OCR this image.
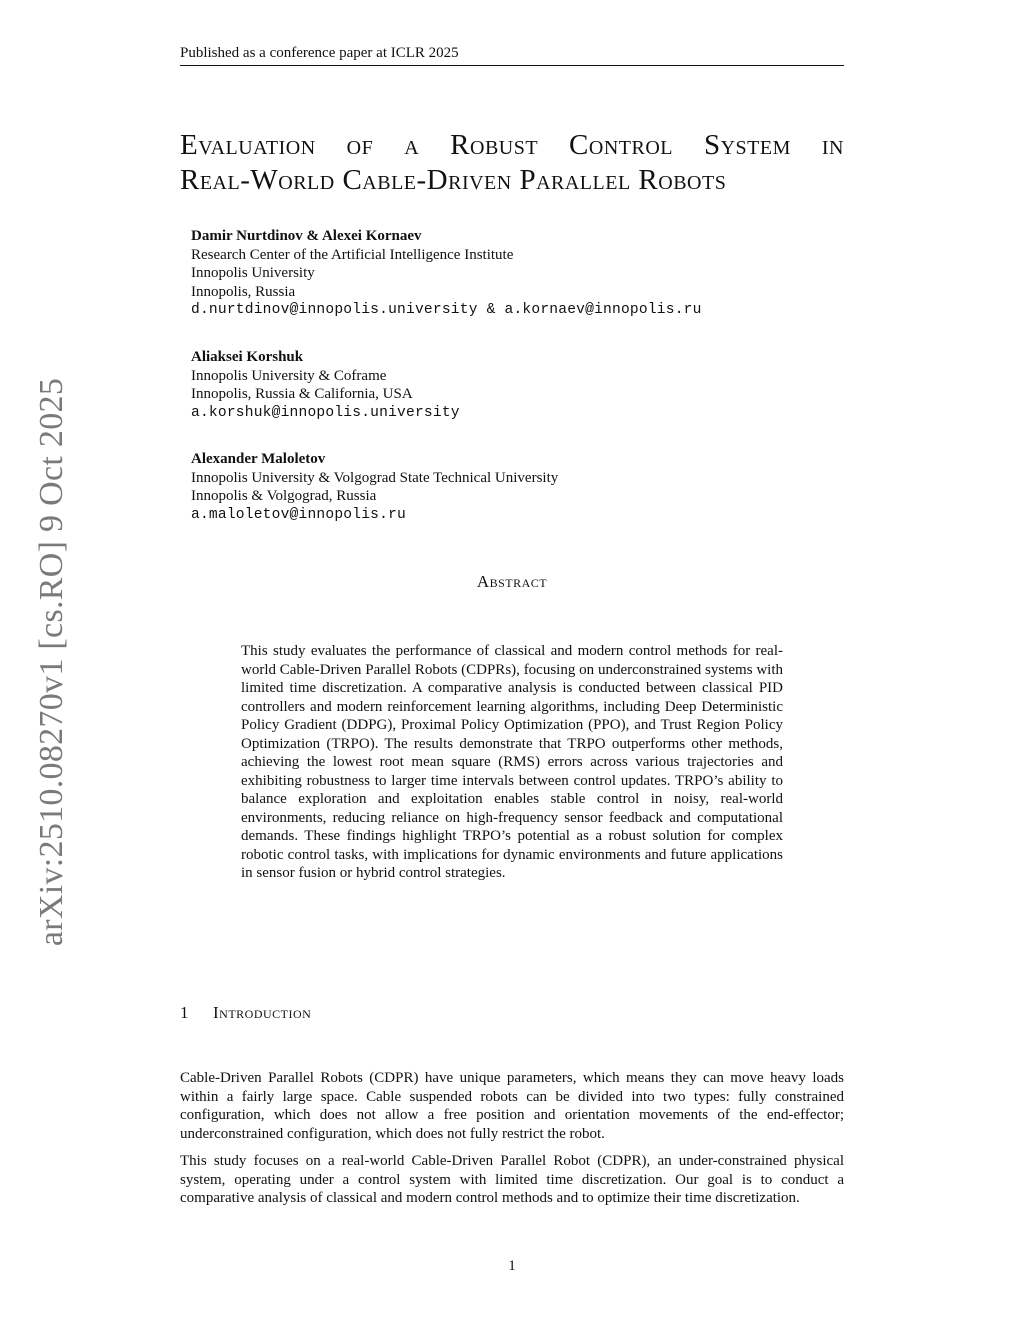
Published as a conference paper at ICLR 2025
Evaluation of a Robust Control System in
Real-World Cable-Driven Parallel Robots
Damir Nurtdinov & Alexei Kornaev
Research Center of the Artificial Intelligence Institute
Innopolis University
Innopolis, Russia
d.nurtdinov@innopolis.university & a.kornaev@innopolis.ru
Aliaksei Korshuk
Innopolis University & Coframe
Innopolis, Russia & California, USA
a.korshuk@innopolis.university
Alexander Maloletov
Innopolis University & Volgograd State Technical University
Innopolis & Volgograd, Russia
a.maloletov@innopolis.ru
Abstract

This study evaluates the performance of classical and modern control methods for real-world Cable-Driven Parallel Robots (CDPRs), focusing on underconstrained systems with limited time discretization. A comparative analysis is conducted between classical PID controllers and modern reinforcement learning algorithms, including Deep Deterministic Policy Gradient (DDPG), Proximal Policy Optimization (PPO), and Trust Region Policy Optimization (TRPO). The results demonstrate that TRPO outperforms other methods, achieving the lowest root mean square (RMS) errors across various trajectories and exhibiting robustness to larger time intervals between control updates. TRPO’s ability to balance exploration and exploitation enables stable control in noisy, real-world environments, reducing reliance on high-frequency sensor feedback and computational demands. These findings highlight TRPO’s potential as a robust solution for complex robotic control tasks, with implications for dynamic environments and future applications in sensor fusion or hybrid control strategies.

1 Introduction

Cable-Driven Parallel Robots (CDPR) have unique parameters, which means they can move heavy loads within a fairly large space. Cable suspended robots can be divided into two types: fully constrained configuration, which does not allow a free position and orientation movements of the end-effector; underconstrained configuration, which does not fully restrict the robot.

This study focuses on a real-world Cable-Driven Parallel Robot (CDPR), an under-constrained physical system, operating under a control system with limited time discretization. Our goal is to conduct a comparative analysis of classical and modern control methods and to optimize their time discretization.

1
arXiv:2510.08270v1 [cs.RO] 9 Oct 2025
